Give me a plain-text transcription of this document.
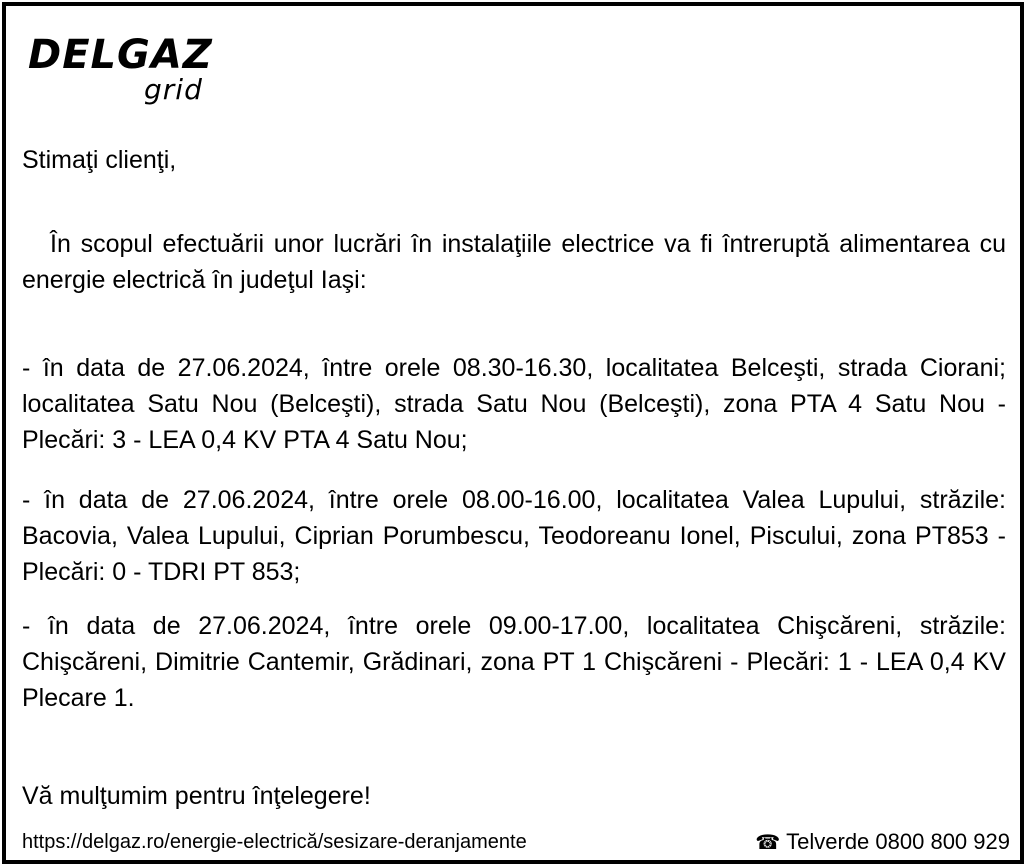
DELGAZ
grid
Stimaţi clienţi,

În scopul efectuării unor lucrări în instalaţiile electrice va fi întreruptă alimentarea cu energie electrică în judeţul Iaşi:

- în data de 27.06.2024, între orele 08.30-16.30, localitatea Belceşti, strada Ciorani; localitatea Satu Nou (Belceşti), strada Satu Nou (Belceşti), zona PTA 4 Satu Nou - Plecări: 3 - LEA 0,4 KV PTA 4 Satu Nou;

- în data de 27.06.2024, între orele 08.00-16.00, localitatea Valea Lupului, străzile: Bacovia, Valea Lupului, Ciprian Porumbescu, Teodoreanu Ionel, Piscului, zona PT853 - Plecări: 0 - TDRI PT 853;

- în data de 27.06.2024, între orele 09.00-17.00, localitatea Chişcăreni, străzile: Chişcăreni, Dimitrie Cantemir, Grădinari, zona PT 1 Chişcăreni - Plecări: 1 - LEA 0,4 KV Plecare 1.

Vă mulţumim pentru înţelegere!
https://delgaz.ro/energie-electrică/sesizare-deranjamente	☎ Telverde 0800 800 929
